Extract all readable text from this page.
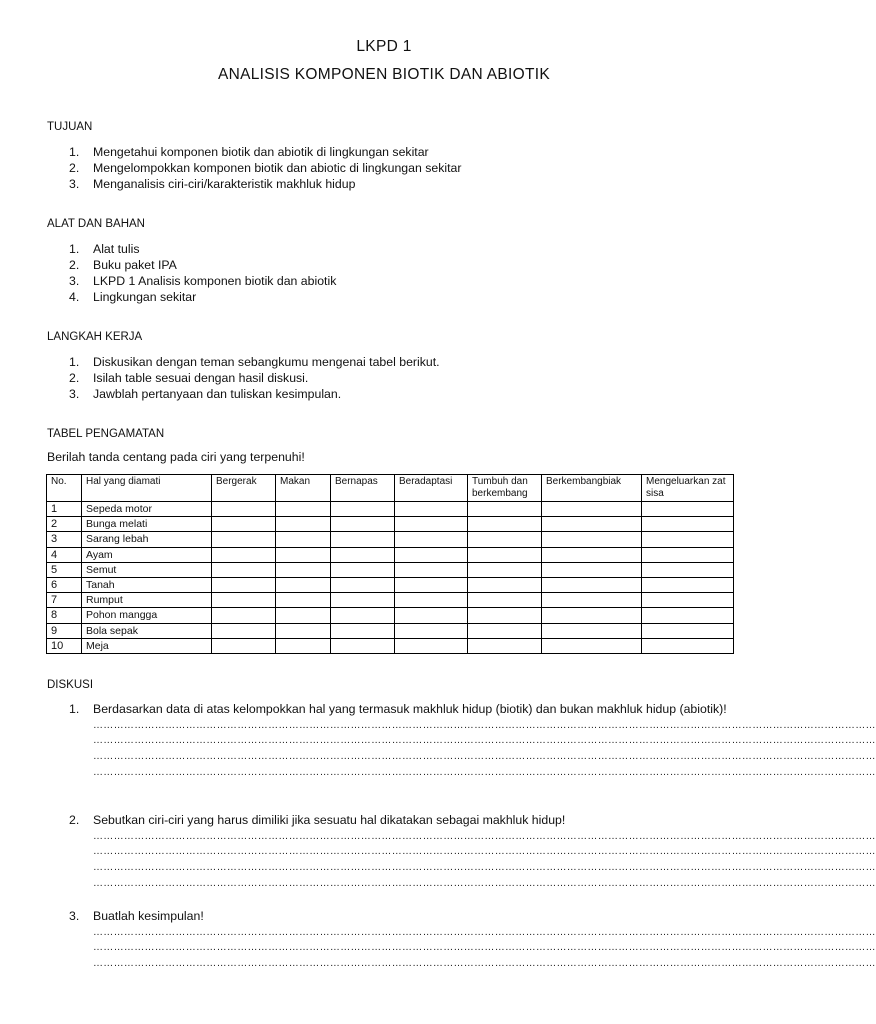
LKPD 1
ANALISIS KOMPONEN BIOTIK DAN ABIOTIK
TUJUAN
1. Mengetahui komponen biotik dan abiotik di lingkungan sekitar
2. Mengelompokkan komponen biotik dan abiotic di lingkungan sekitar
3. Menganalisis ciri-ciri/karakteristik makhluk hidup
ALAT DAN BAHAN
1. Alat tulis
2. Buku paket IPA
3. LKPD 1 Analisis komponen biotik dan abiotik
4. Lingkungan sekitar
LANGKAH KERJA
1. Diskusikan dengan teman sebangkumu mengenai tabel berikut.
2. Isilah table sesuai dengan hasil diskusi.
3. Jawblah pertanyaan dan tuliskan kesimpulan.
TABEL PENGAMATAN
Berilah tanda centang pada ciri yang terpenuhi!
No.	Hal yang diamati	Bergerak	Makan	Bernapas	Beradaptasi	Tumbuh dan berkembang	Berkembangbiak	Mengeluarkan zat sisa
1	Sepeda motor							
2	Bunga melati							
3	Sarang lebah							
4	Ayam							
5	Semut							
6	Tanah							
7	Rumput							
8	Pohon mangga							
9	Bola sepak							
10	Meja							
DISKUSI
1. Berdasarkan data di atas kelompokkan hal yang termasuk makhluk hidup (biotik) dan bukan makhluk hidup (abiotik)!
…………………………………………………………………………………………………………………………………………………………………………………………………………
…………………………………………………………………………………………………………………………………………………………………………………………………………
…………………………………………………………………………………………………………………………………………………………………………………………………………
…………………………………………………………………………………………………………………………………………………………………………………………………………
2. Sebutkan ciri-ciri yang harus dimiliki jika sesuatu hal dikatakan sebagai makhluk hidup!
…………………………………………………………………………………………………………………………………………………………………………………………………………
…………………………………………………………………………………………………………………………………………………………………………………………………………
…………………………………………………………………………………………………………………………………………………………………………………………………………
…………………………………………………………………………………………………………………………………………………………………………………………………………
3. Buatlah kesimpulan!
…………………………………………………………………………………………………………………………………………………………………………………………………………
…………………………………………………………………………………………………………………………………………………………………………………………………………
…………………………………………………………………………………………………………………………………………………………………………………………………………
